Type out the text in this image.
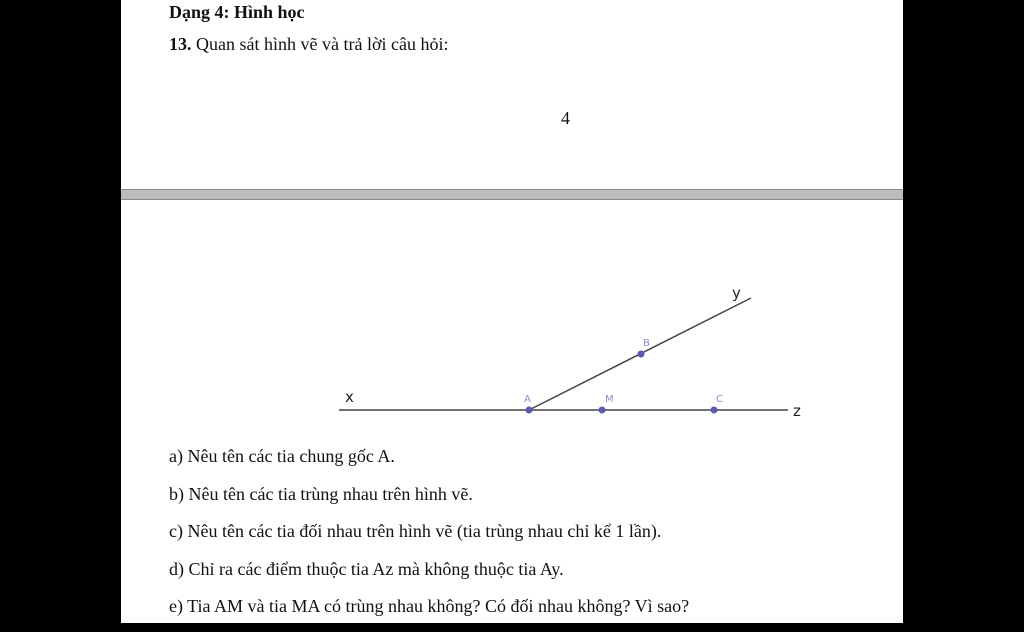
Dạng 4: Hình học

13. Quan sát hình vẽ và trả lời câu hỏi:

4
x
y
z
A	M	C
B
a) Nêu tên các tia chung gốc A.
b) Nêu tên các tia trùng nhau trên hình vẽ.
c) Nêu tên các tia đối nhau trên hình vẽ (tia trùng nhau chỉ kể 1 lần).
d) Chỉ ra các điểm thuộc tia Az mà không thuộc tia Ay.
e) Tia AM và tia MA có trùng nhau không? Có đối nhau không? Vì sao?
